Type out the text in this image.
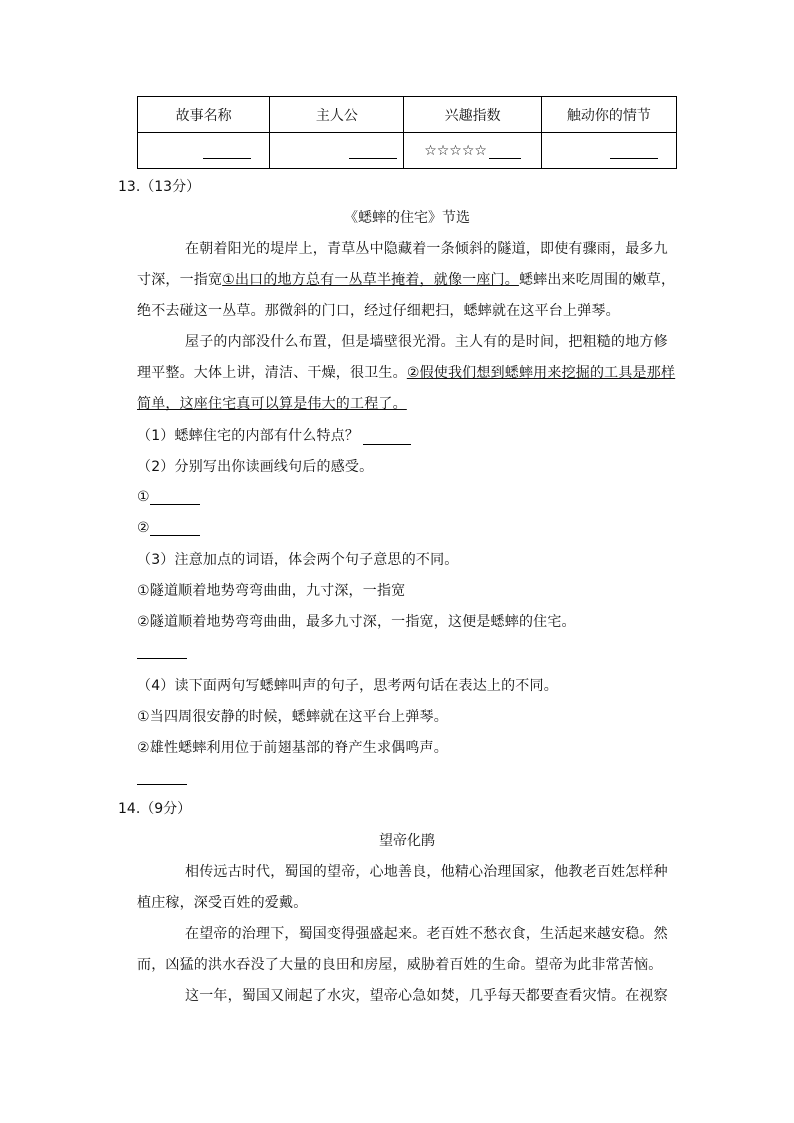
故事名称	主人公	兴趣指数	触动你的情节
		☆☆☆☆☆	
13.（13分）
《蟋蟀的住宅》节选
在朝着阳光的堤岸上，青草丛中隐藏着一条倾斜的隧道，即使有骤雨，最多九
寸深，一指宽①出口的地方总有一丛草半掩着，就像一座门。蟋蟀出来吃周围的嫩草，
绝不去碰这一丛草。那微斜的门口，经过仔细耙扫，蟋蟀就在这平台上弹琴。
屋子的内部没什么布置，但是墙壁很光滑。主人有的是时间，把粗糙的地方修
理平整。大体上讲，清洁、干燥，很卫生。②假使我们想到蟋蟀用来挖掘的工具是那样
简单，这座住宅真可以算是伟大的工程了。
（1）蟋蟀住宅的内部有什么特点？
（2）分别写出你读画线句后的感受。
①
②
（3）注意加点的词语，体会两个句子意思的不同。
①隧道顺着地势弯弯曲曲，九寸深，一指宽
②隧道顺着地势弯弯曲曲，最多九寸深，一指宽，这便是蟋蟀的住宅。
（4）读下面两句写蟋蟀叫声的句子，思考两句话在表达上的不同。
①当四周很安静的时候，蟋蟀就在这平台上弹琴。
②雄性蟋蟀利用位于前翅基部的脊产生求偶鸣声。
14.（9分）
望帝化鹃
相传远古时代，蜀国的望帝，心地善良，他精心治理国家，他教老百姓怎样种
植庄稼，深受百姓的爱戴。
在望帝的治理下，蜀国变得强盛起来。老百姓不愁衣食，生活起来越安稳。然
而，凶猛的洪水吞没了大量的良田和房屋，威胁着百姓的生命。望帝为此非常苦恼。
这一年，蜀国又闹起了水灾，望帝心急如焚，几乎每天都要查看灾情。在视察
